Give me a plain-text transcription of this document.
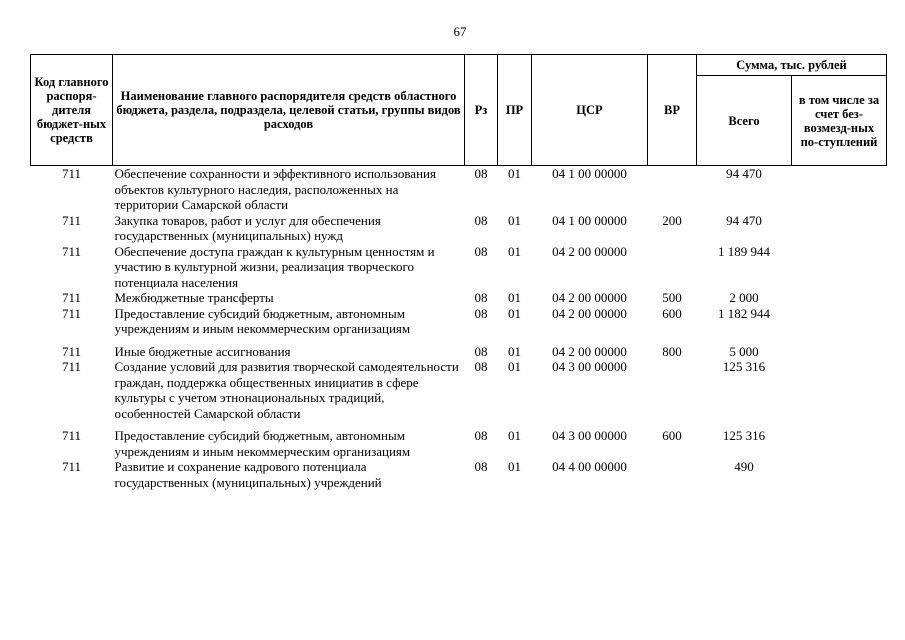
67
Код главного распоря-дителя бюджет-ных средств	Наименование главного распорядителя средств областного бюджета, раздела, подраздела, целевой статьи, группы видов расходов	Рз	ПР	ЦСР	ВР	Сумма, тыс. рублей	
						Всего	в том числе за счет без-возмезд-ных по-ступлений
711	Обеспечение сохранности и эффективного использования объектов культурного наследия, расположенных на территории Самарской области	08	01	04 1 00 00000		94 470	
711	Закупка товаров, работ и услуг для обеспечения государственных (муниципальных) нужд	08	01	04 1 00 00000	200	94 470	
711	Обеспечение доступа граждан к культурным ценностям и участию в культурной жизни, реализация творческого потенциала населения	08	01	04 2 00 00000		1 189 944	
711	Межбюджетные трансферты	08	01	04 2 00 00000	500	2 000	
711	Предоставление субсидий бюджетным, автономным учреждениям и иным некоммерческим организациям	08	01	04 2 00 00000	600	1 182 944	
711	Иные бюджетные ассигнования	08	01	04 2 00 00000	800	5 000	
711	Создание условий для развития творческой самодеятельности граждан, поддержка общественных инициатив в сфере культуры с учетом этнонациональных традиций, особенностей Самарской области	08	01	04 3 00 00000		125 316	
711	Предоставление субсидий бюджетным, автономным учреждениям и иным некоммерческим организациям	08	01	04 3 00 00000	600	125 316	
711	Развитие и сохранение кадрового потенциала государственных (муниципальных) учреждений	08	01	04 4 00 00000		490	
